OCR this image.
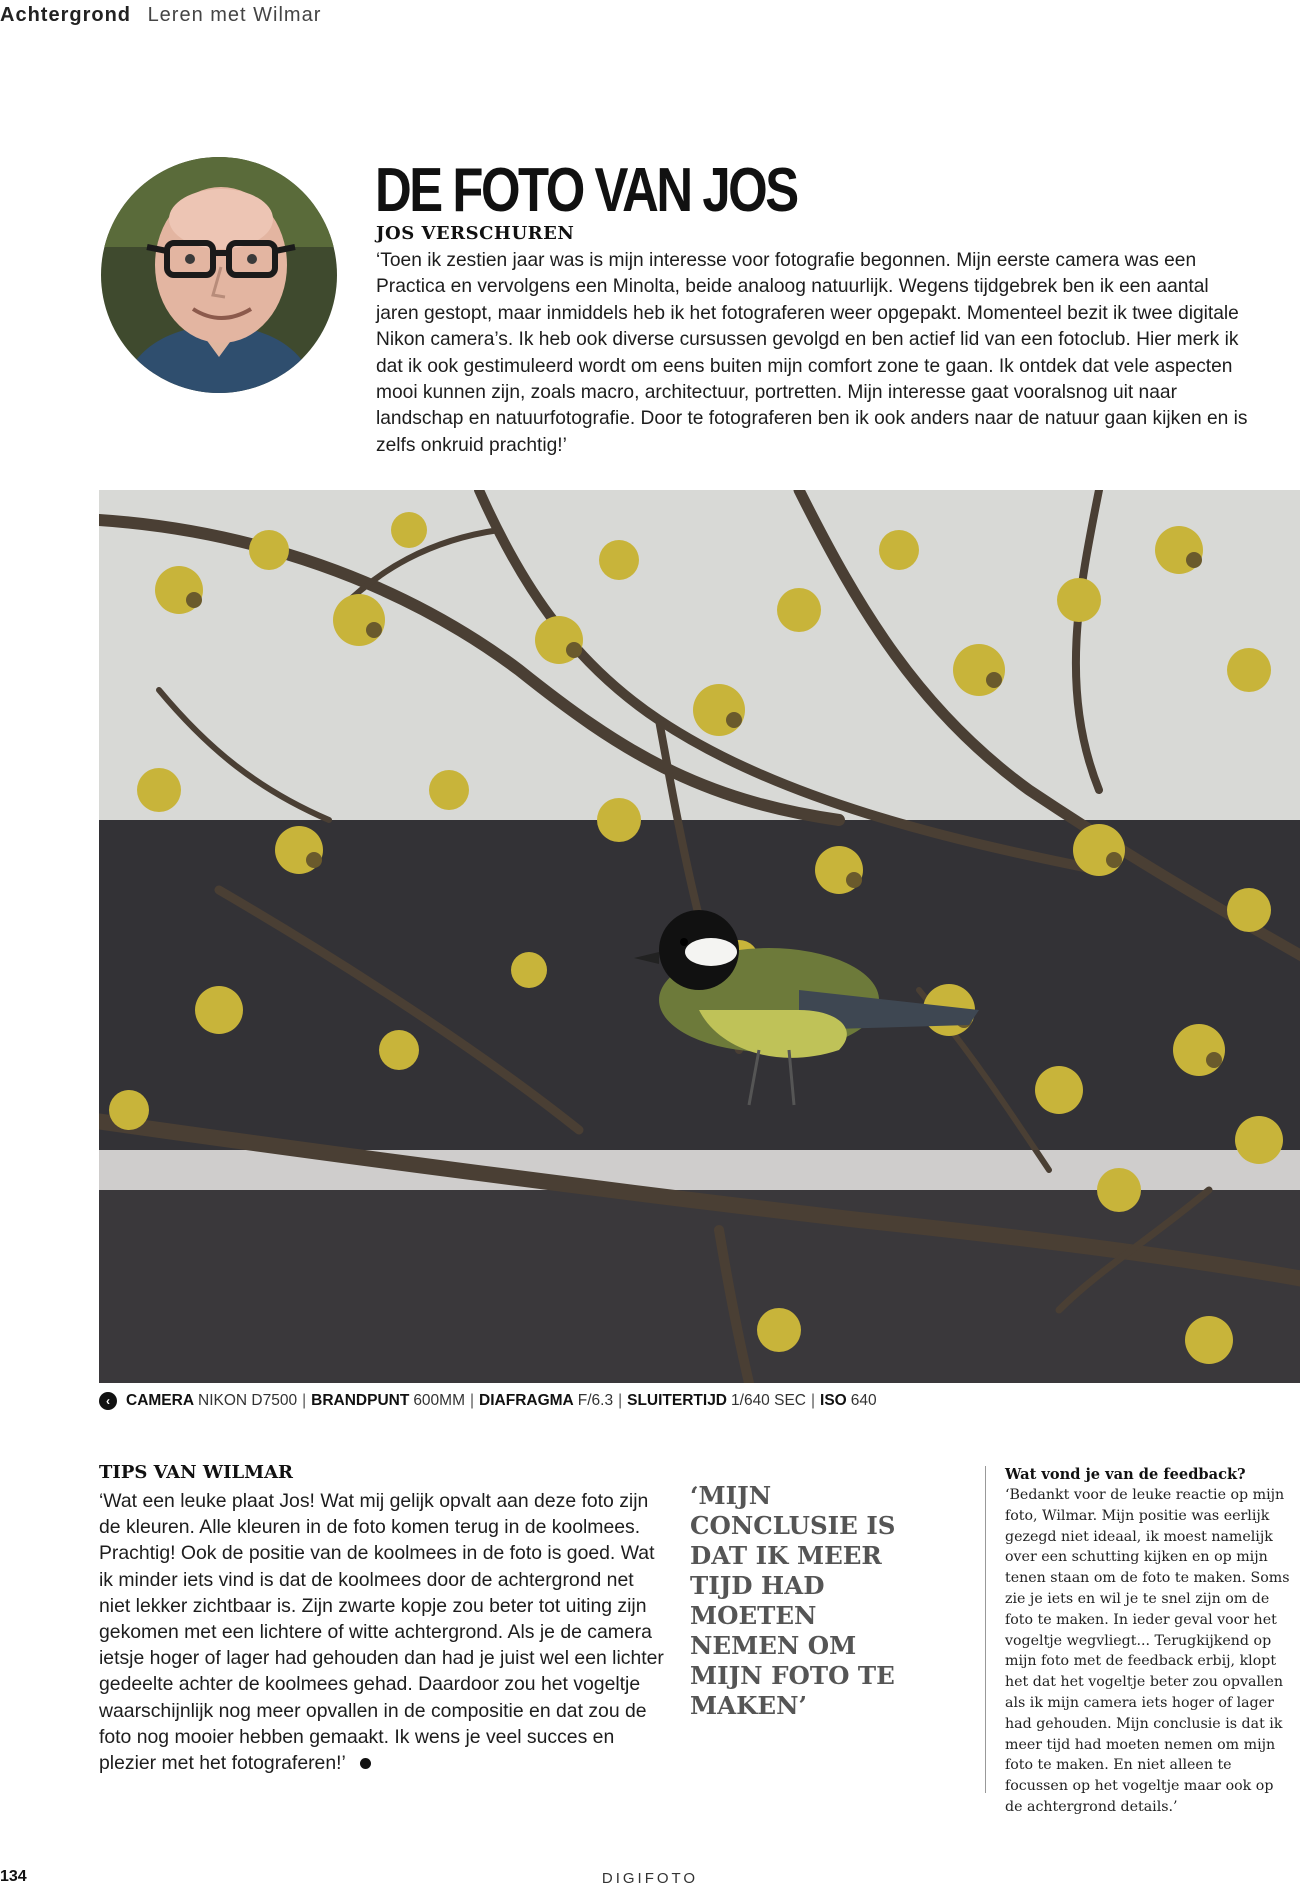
Achtergrond Leren met Wilmar
DE FOTO VAN JOS
JOS VERSCHUREN

‘Toen ik zestien jaar was is mijn interesse voor fotografie begonnen. Mijn eerste camera was een Practica en vervolgens een Minolta, beide analoog natuurlijk. Wegens tijdgebrek ben ik een aantal jaren gestopt, maar inmiddels heb ik het fotograferen weer opgepakt. Momenteel bezit ik twee digitale Nikon camera’s. Ik heb ook diverse cursussen gevolgd en ben actief lid van een fotoclub. Hier merk ik dat ik ook gestimuleerd wordt om eens buiten mijn comfort zone te gaan. Ik ontdek dat vele aspecten mooi kunnen zijn, zoals macro, architectuur, portretten. Mijn interesse gaat vooralsnog uit naar landschap en natuurfotografie. Door te fotograferen ben ik ook anders naar de natuur gaan kijken en is zelfs onkruid prachtig!’

‹	CAMERA NIKON D7500 | BRANDPUNT 600MM | DIAFRAGMA F/6.3 | SLUITERTIJD 1/640 SEC | ISO 640
TIPS VAN WILMAR

‘Wat een leuke plaat Jos! Wat mij gelijk opvalt aan deze foto zijn de kleuren. Alle kleuren in de foto komen terug in de koolmees. Prachtig! Ook de positie van de koolmees in de foto is goed. Wat ik minder iets vind is dat de koolmees door de achtergrond net niet lekker zichtbaar is. Zijn zwarte kopje zou beter tot uiting zijn gekomen met een lichtere of witte achtergrond. Als je de camera ietsje hoger of lager had gehouden dan had je juist wel een lichter gedeelte achter de koolmees gehad. Daardoor zou het vogeltje waarschijnlijk nog meer opvallen in de compositie en dat zou de foto nog mooier hebben gemaakt. Ik wens je veel succes en plezier met het fotograferen!’

‘MIJN CONCLUSIE IS DAT IK MEER TIJD HAD MOETEN NEMEN OM MIJN FOTO TE MAKEN’
Wat vond je van de feedback?

‘Bedankt voor de leuke reactie op mijn foto, Wilmar. Mijn positie was eerlijk gezegd niet ideaal, ik moest namelijk over een schutting kijken en op mijn tenen staan om de foto te maken. Soms zie je iets en wil je te snel zijn om de foto te maken. In ieder geval voor het vogeltje wegvliegt... Terugkijkend op mijn foto met de feedback erbij, klopt het dat het vogeltje beter zou opvallen als ik mijn camera iets hoger of lager had gehouden. Mijn conclusie is dat ik meer tijd had moeten nemen om mijn foto te maken. En niet alleen te focussen op het vogeltje maar ook op de achtergrond details.’

134	DIGIFOTO
